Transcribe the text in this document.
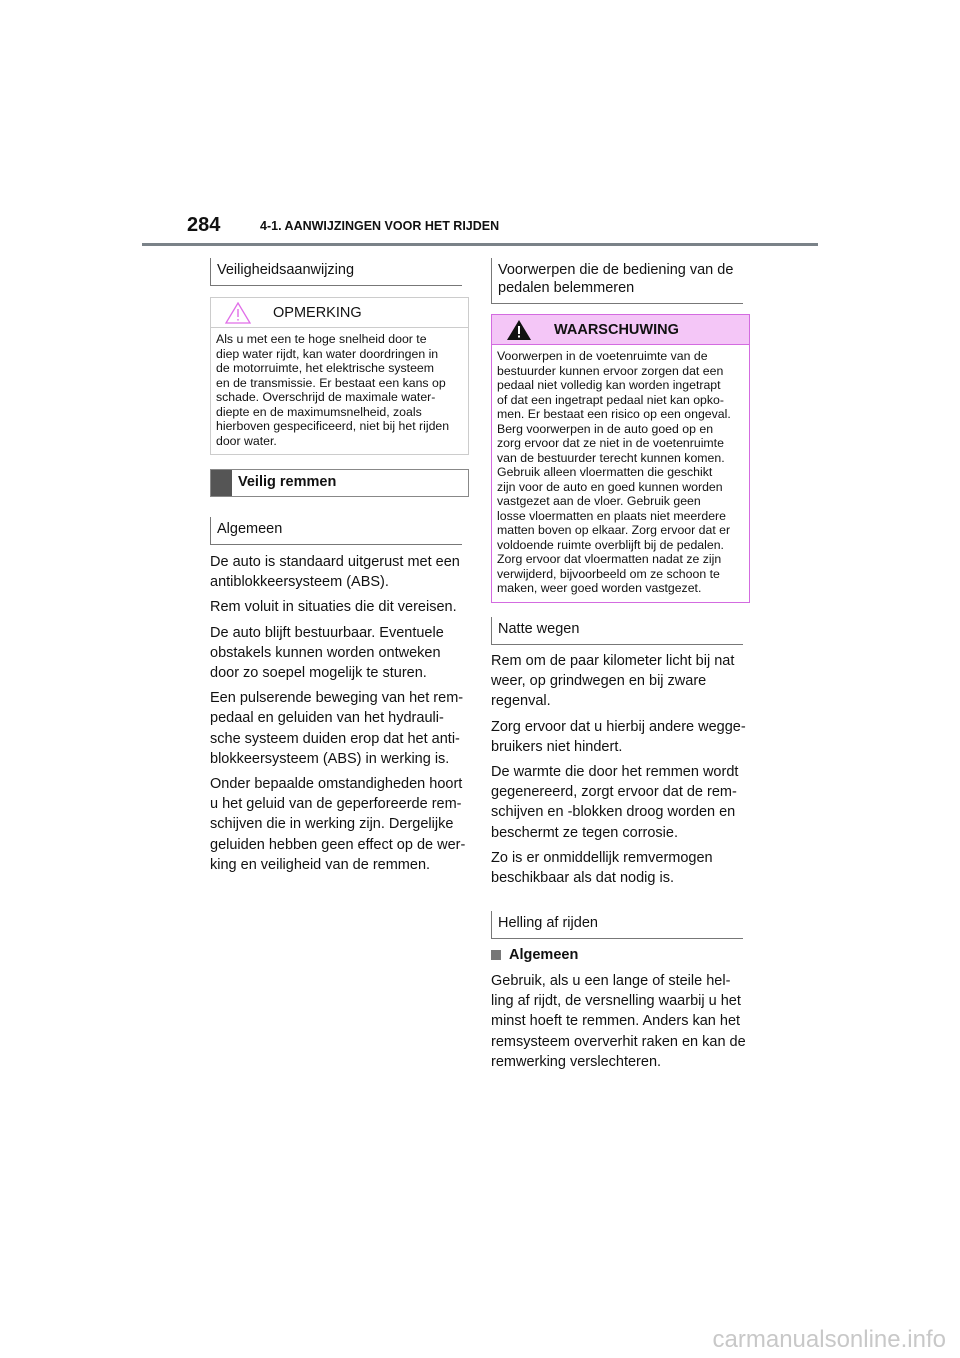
284	4-1. AANWIJZINGEN VOOR HET RIJDEN
Veiligheidsaanwijzing
OPMERKING
Als u met een te hoge snelheid door te
diep water rijdt, kan water doordringen in
de motorruimte, het elektrische systeem
en de transmissie. Er bestaat een kans op
schade. Overschrijd de maximale water-
diepte en de maximumsnelheid, zoals
hierboven gespecificeerd, niet bij het rijden
door water.
Veilig remmen
Algemeen

De auto is standaard uitgerust met een
antiblokkeersysteem (ABS).

Rem voluit in situaties die dit vereisen.

De auto blijft bestuurbaar. Eventuele
obstakels kunnen worden ontweken
door zo soepel mogelijk te sturen.

Een pulserende beweging van het rem-
pedaal en geluiden van het hydrauli-
sche systeem duiden erop dat het anti-
blokkeersysteem (ABS) in werking is.

Onder bepaalde omstandigheden hoort
u het geluid van de geperforeerde rem-
schijven die in werking zijn. Dergelijke
geluiden hebben geen effect op de wer-
king en veiligheid van de remmen.

Voorwerpen die de bediening van de
pedalen belemmeren
WAARSCHUWING
Voorwerpen in de voetenruimte van de
bestuurder kunnen ervoor zorgen dat een
pedaal niet volledig kan worden ingetrapt
of dat een ingetrapt pedaal niet kan opko-
men. Er bestaat een risico op een ongeval.
Berg voorwerpen in de auto goed op en
zorg ervoor dat ze niet in de voetenruimte
van de bestuurder terecht kunnen komen.
Gebruik alleen vloermatten die geschikt
zijn voor de auto en goed kunnen worden
vastgezet aan de vloer. Gebruik geen
losse vloermatten en plaats niet meerdere
matten boven op elkaar. Zorg ervoor dat er
voldoende ruimte overblijft bij de pedalen.
Zorg ervoor dat vloermatten nadat ze zijn
verwijderd, bijvoorbeeld om ze schoon te
maken, weer goed worden vastgezet.
Natte wegen

Rem om de paar kilometer licht bij nat
weer, op grindwegen en bij zware
regenval.

Zorg ervoor dat u hierbij andere wegge-
bruikers niet hindert.

De warmte die door het remmen wordt
gegenereerd, zorgt ervoor dat de rem-
schijven en -blokken droog worden en
beschermt ze tegen corrosie.

Zo is er onmiddellijk remvermogen
beschikbaar als dat nodig is.

Helling af rijden
Algemeen

Gebruik, als u een lange of steile hel-
ling af rijdt, de versnelling waarbij u het
minst hoeft te remmen. Anders kan het
remsysteem oververhit raken en kan de
remwerking verslechteren.

carmanualsonline.info
